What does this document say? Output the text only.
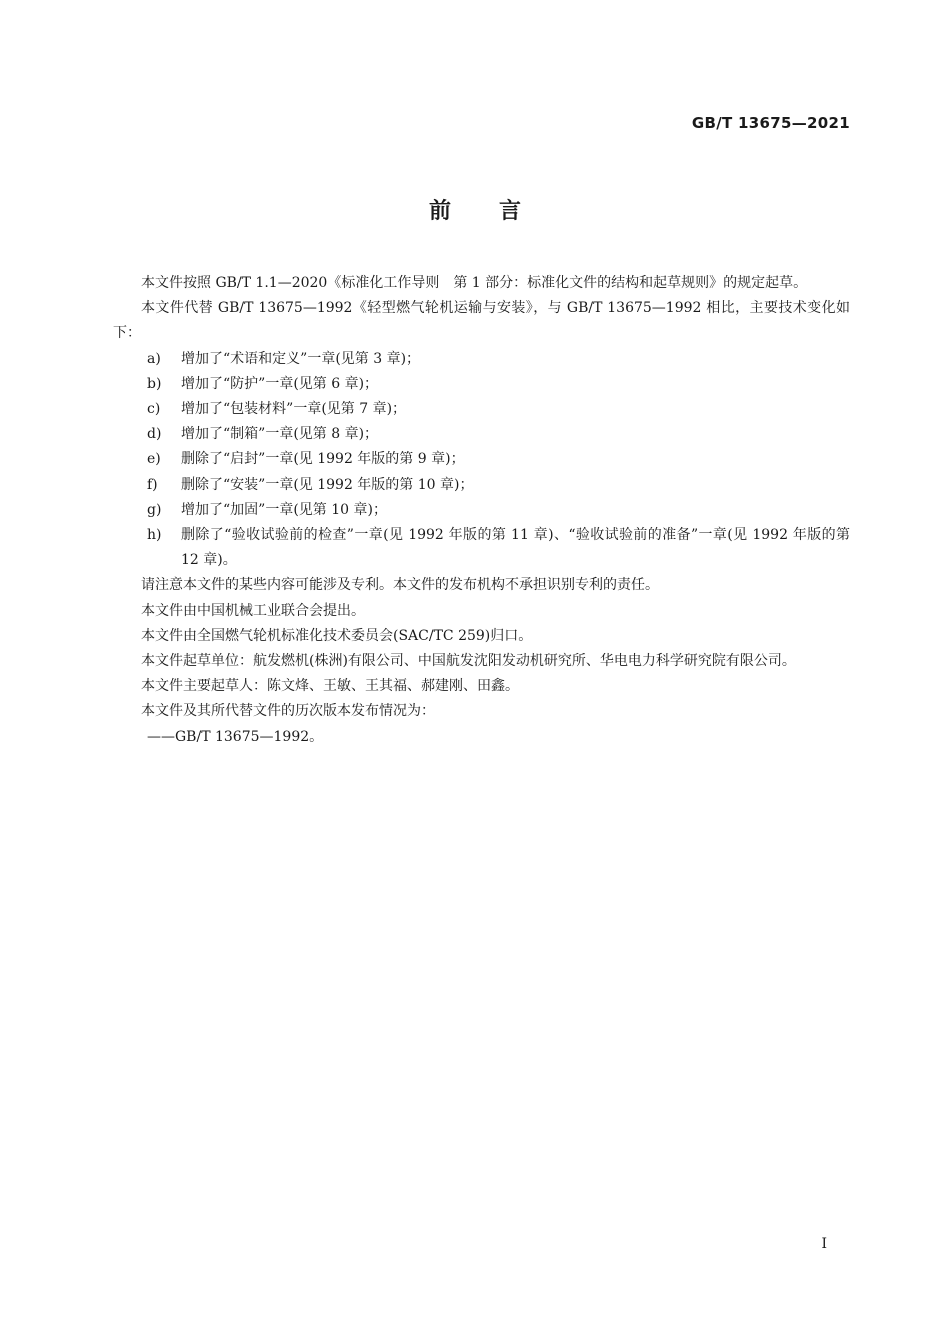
GB/T 13675—2021
前言

本文件按照 GB/T 1.1—2020《标准化工作导则　第 1 部分：标准化文件的结构和起草规则》的规定起草。

本文件代替 GB/T 13675—1992《轻型燃气轮机运输与安装》，与 GB/T 13675—1992 相比，主要技术变化如下：

a)	增加了“术语和定义”一章(见第 3 章)；
b)	增加了“防护”一章(见第 6 章)；
c)	增加了“包装材料”一章(见第 7 章)；
d)	增加了“制箱”一章(见第 8 章)；
e)	删除了“启封”一章(见 1992 年版的第 9 章)；
f)	删除了“安装”一章(见 1992 年版的第 10 章)；
g)	增加了“加固”一章(见第 10 章)；
h)	删除了“验收试验前的检查”一章(见 1992 年版的第 11 章)、“验收试验前的准备”一章(见 1992 年版的第 12 章)。

请注意本文件的某些内容可能涉及专利。本文件的发布机构不承担识别专利的责任。

本文件由中国机械工业联合会提出。

本文件由全国燃气轮机标准化技术委员会(SAC/TC 259)归口。

本文件起草单位：航发燃机(株洲)有限公司、中国航发沈阳发动机研究所、华电电力科学研究院有限公司。

本文件主要起草人：陈文烽、王敏、王其福、郝建刚、田鑫。

本文件及其所代替文件的历次版本发布情况为：

——GB/T 13675—1992。

I
